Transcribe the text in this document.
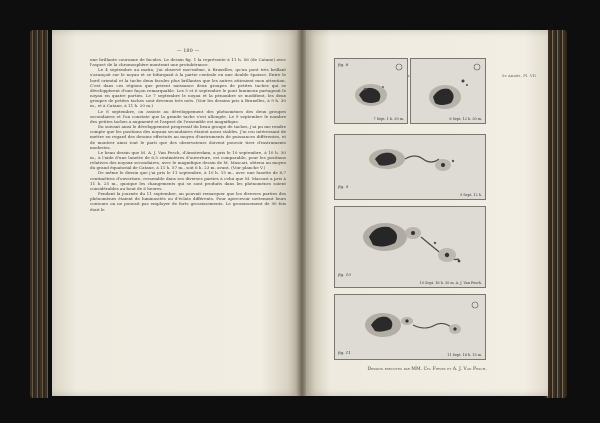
— 180 —

une brillante couronne de facules. Le dessin fig. 1 la représente à 11 h. 56 (de Catane) avec l'aspect de la chromosphère montrant une protubérance.

Le 4 septembre au matin, j'ai observé moi-même, à Bruxelles, qu'un pont très brillant s'avançait sur le noyau et se bifurquait à la partie centrale en une double épaisse. Entre le bord oriental et la tache deux facules plus brillantes que les autres attiraient mon attention. C'est dans ces régions que prirent naissance deux groupes de petites taches qui se développèrent d'une façon remarquable. Les 5 et 6 septembre le pont lumineux partageait le noyau en quatre parties. Le 7 septembre le noyau et la pénombre se modifient, les deux groupes de petites taches sont devenus très nets. (Voir les dessins pris à Bruxelles, à 9 h. 30 m., et à Catane, à 11 h. 20 m.)

Le 8 septembre, on assiste au développement des phénomènes des deux groupes secondaires et l'on constate que la grande tache s'est allongée. Le 9 septembre le nombre des petites taches a augmenté et l'aspect de l'ensemble est magnifique.

En suivant ainsi le développement progressif du beau groupe de taches, j'ai pu me rendre compte que les positions des noyaux secondaires étaient assez stables. J'ai cru intéressant de mettre en regard des dessins effectués au moyen d'instruments de puissances différentes, et de montrer ainsi tout le parti que des observateurs doivent pouvoir tirer d'instruments modestes.

Le beau dessin que M. A. J. Van Pesch, d'Amsterdam, a pris le 10 septembre, à 10 h. 30 m., à l'aide d'une lunette de 6,5 centimètres d'ouverture, est comparable, pour les positions relatives des noyaux secondaires, avec le magnifique dessin de M. Mascari, obtenu au moyen du grand équatorial de Catane, à 11 h. 57 m., soit 6 h. 23 m. avant. (Voir planche V.)

De même le dessin que j'ai pris le 11 septembre, à 10 h. 15 m., avec une lunette de 8,7 centimètres d'ouverture, ressemble dans ses diverses parties à celui que M. Mascari a pris à 11 h. 25 m., quoique les changements qui se sont produits dans les phénomènes soient considérables au bout de 6 heures.

Pendant la journée du 11 septembre, on pouvait remarquer que les diverses parties des phénomènes étaient de luminosités ou d'éclats différents. Pour apercevoir nettement leurs contours on ne pouvait pas employer de forts grossissements. Le grossissement de 90 fois était le

5e Année, Pl. VII
fig. 8
7 Sept. 1 h. 30 m.	8 Sept. 12 h. 30 m.
fig. 9
9 Sept. 12 h.
fig. 10
10 Sept. 16 h. 30 m. A. J. Van Pesch.
fig. 11	11 Sept. 16 h. 15 m.

Dessins exécutés par MM. Ch. Fiévez et A. J. Van Pesch.
